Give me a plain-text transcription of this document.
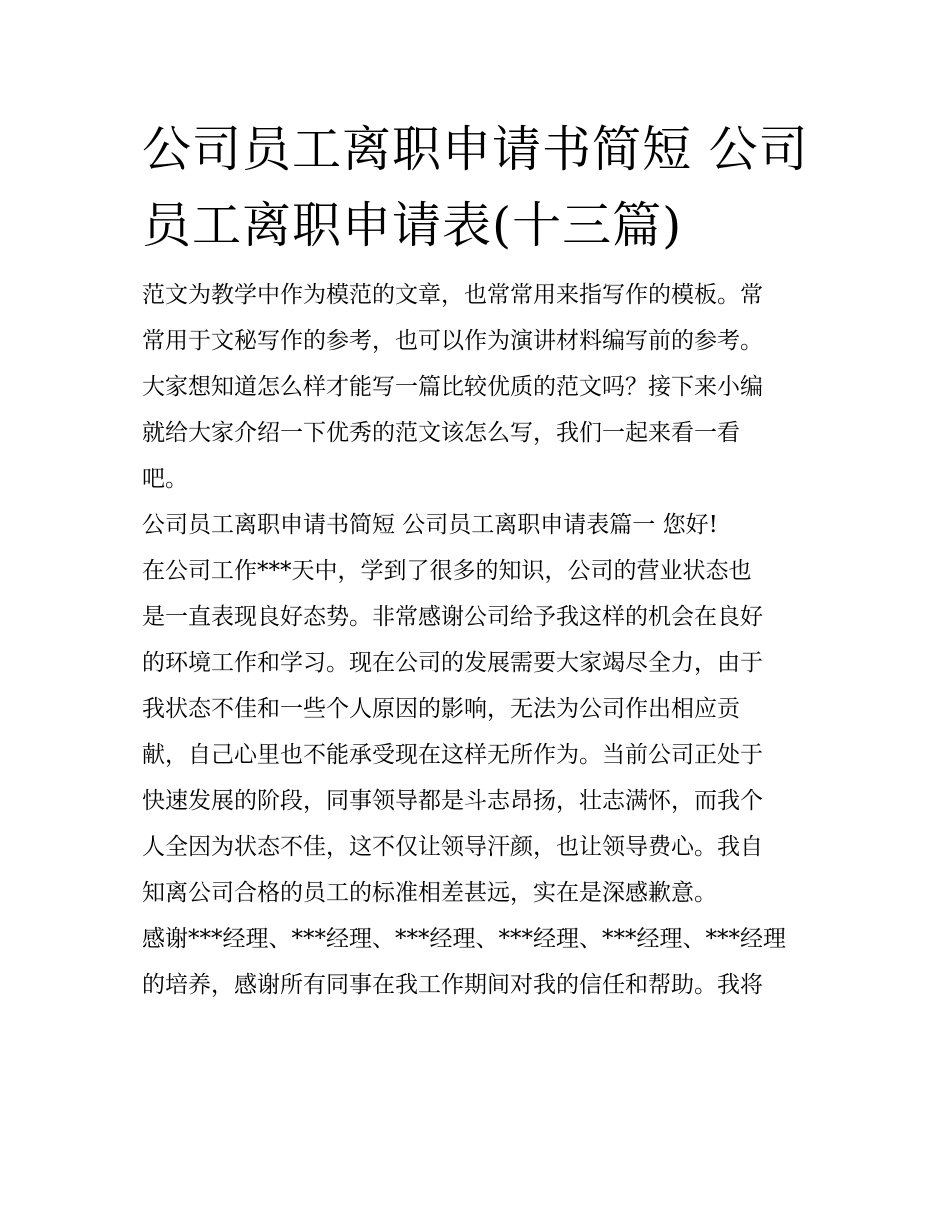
公司员工离职申请书简短 公司
员工离职申请表(十三篇)

范文为教学中作为模范的文章，也常常用来指写作的模板。常
常用于文秘写作的参考，也可以作为演讲材料编写前的参考。
大家想知道怎么样才能写一篇比较优质的范文吗？接下来小编
就给大家介绍一下优秀的范文该怎么写，我们一起来看一看
吧。

公司员工离职申请书简短 公司员工离职申请表篇一 您好!

在公司工作***天中，学到了很多的知识，公司的营业状态也
是一直表现良好态势。非常感谢公司给予我这样的机会在良好
的环境工作和学习。现在公司的发展需要大家竭尽全力，由于
我状态不佳和一些个人原因的影响，无法为公司作出相应贡
献，自己心里也不能承受现在这样无所作为。当前公司正处于
快速发展的阶段，同事领导都是斗志昂扬，壮志满怀，而我个
人全因为状态不佳，这不仅让领导汗颜，也让领导费心。我自
知离公司合格的员工的标准相差甚远，实在是深感歉意。

感谢***经理、***经理、***经理、***经理、***经理、***经理
的培养，感谢所有同事在我工作期间对我的信任和帮助。我将
